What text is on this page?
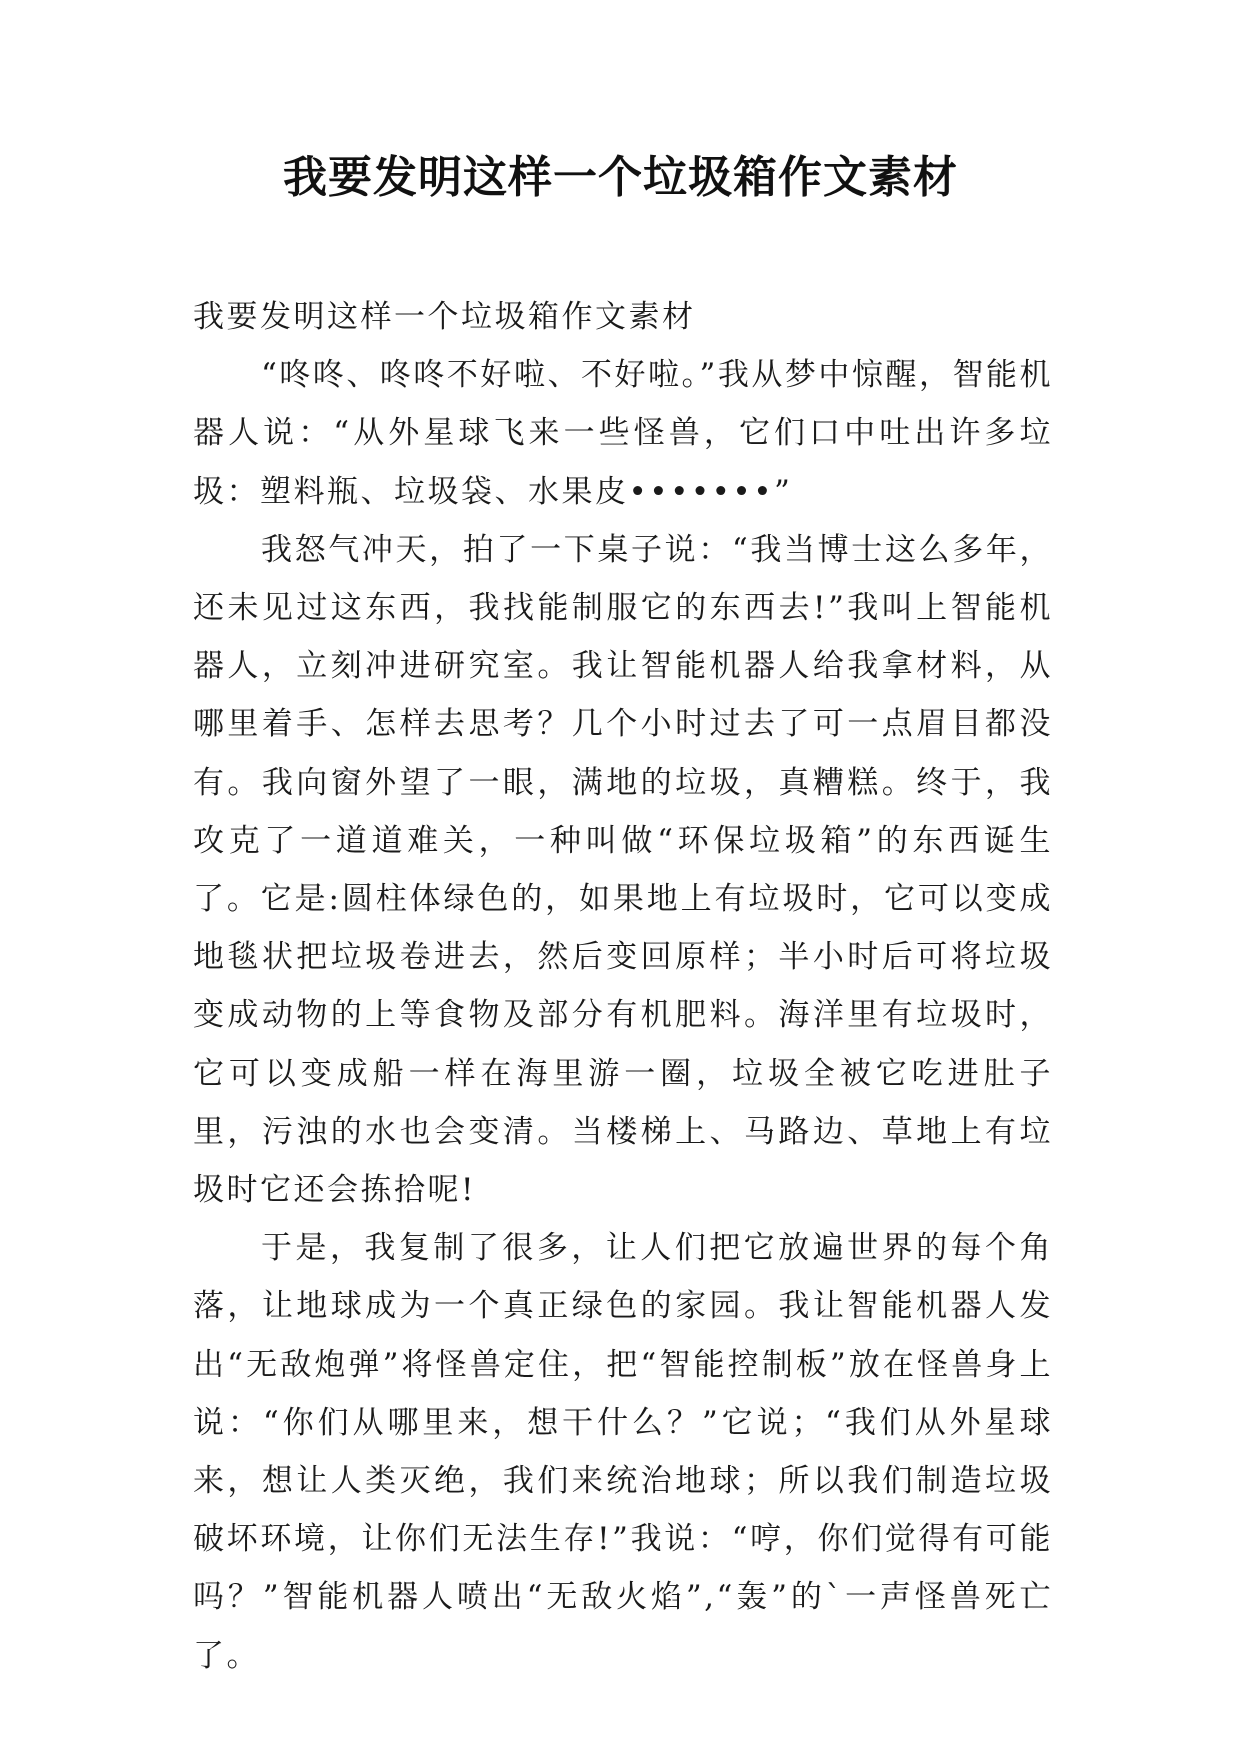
我要发明这样一个垃圾箱作文素材

我要发明这样一个垃圾箱作文素材

“咚咚、咚咚不好啦、不好啦。”我从梦中惊醒，智能机器人说：“从外星球飞来一些怪兽，它们口中吐出许多垃圾：塑料瓶、垃圾袋、水果皮•••••••”

我怒气冲天，拍了一下桌子说：“我当博士这么多年，还未见过这东西，我找能制服它的东西去!”我叫上智能机器人，立刻冲进研究室。我让智能机器人给我拿材料，从哪里着手、怎样去思考？几个小时过去了可一点眉目都没有。我向窗外望了一眼，满地的垃圾，真糟糕。终于，我攻克了一道道难关，一种叫做“环保垃圾箱”的东西诞生了。它是:圆柱体绿色的，如果地上有垃圾时，它可以变成地毯状把垃圾卷进去，然后变回原样；半小时后可将垃圾变成动物的上等食物及部分有机肥料。海洋里有垃圾时，它可以变成船一样在海里游一圈，垃圾全被它吃进肚子里，污浊的水也会变清。当楼梯上、马路边、草地上有垃圾时它还会拣拾呢!

于是，我复制了很多，让人们把它放遍世界的每个角落，让地球成为一个真正绿色的家园。我让智能机器人发出“无敌炮弹”将怪兽定住，把“智能控制板”放在怪兽身上说：“你们从哪里来，想干什么？”它说；“我们从外星球来，想让人类灭绝，我们来统治地球；所以我们制造垃圾破坏环境，让你们无法生存!”我说：“哼，你们觉得有可能吗？”智能机器人喷出“无敌火焰”,“轰”的`一声怪兽死亡了。
